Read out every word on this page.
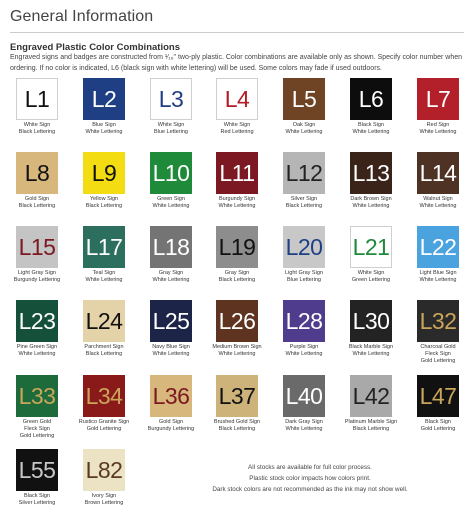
General Information
Engraved Plastic Color Combinations
Engraved signs and badges are constructed from ¹⁄₁₆" two-ply plastic. Color combinations are available only as shown. Specify color number when ordering. If no color is indicated, L6 (black sign with white lettering) will be used. Some colors may fade if used outdoors.
L1
White Sign
Black Lettering
L2
Blue Sign
White Lettering
L3
White Sign
Blue Lettering
L4
White Sign
Red Lettering
L5
Oak Sign
White Lettering
L6
Black Sign
White Lettering
L7
Red Sign
White Lettering
L8
Gold Sign
Black Lettering
L9
Yellow Sign
Black Lettering
L10
Green Sign
White Lettering
L11
Burgundy Sign
White Lettering
L12
Silver Sign
Black Lettering
L13
Dark Brown Sign
White Lettering
L14
Walnut Sign
White Lettering
L15
Light Gray Sign
Burgundy Lettering
L17
Teal Sign
White Lettering
L18
Gray Sign
White Lettering
L19
Gray Sign
Black Lettering
L20
Light Gray Sign
Blue Lettering
L21
White Sign
Green Lettering
L22
Light Blue Sign
White Lettering
L23
Pine Green Sign
White Lettering
L24
Parchment Sign
Black Lettering
L25
Navy Blue Sign
White Lettering
L26
Medium Brown Sign
White Lettering
L28
Purple Sign
White Lettering
L30
Black Marble Sign
White Lettering
L32
Charcoal Gold
Fleck Sign
Gold Lettering
L33
Green Gold
Fleck Sign
Gold Lettering
L34
Rustico Granite Sign
Gold Lettering
L36
Gold Sign
Burgundy Lettering
L37
Brushed Gold Sign
Black Lettering
L40
Dark Gray Sign
White Lettering
L42
Platinum Marble Sign
Black Lettering
L47
Black Sign
Gold Lettering
L55
Black Sign
Silver Lettering
L82
Ivory Sign
Brown Lettering
All stocks are available for full color process.
Plastic stock color impacts how colors print.
Dark stock colors are not recommended as the ink may not show well.
